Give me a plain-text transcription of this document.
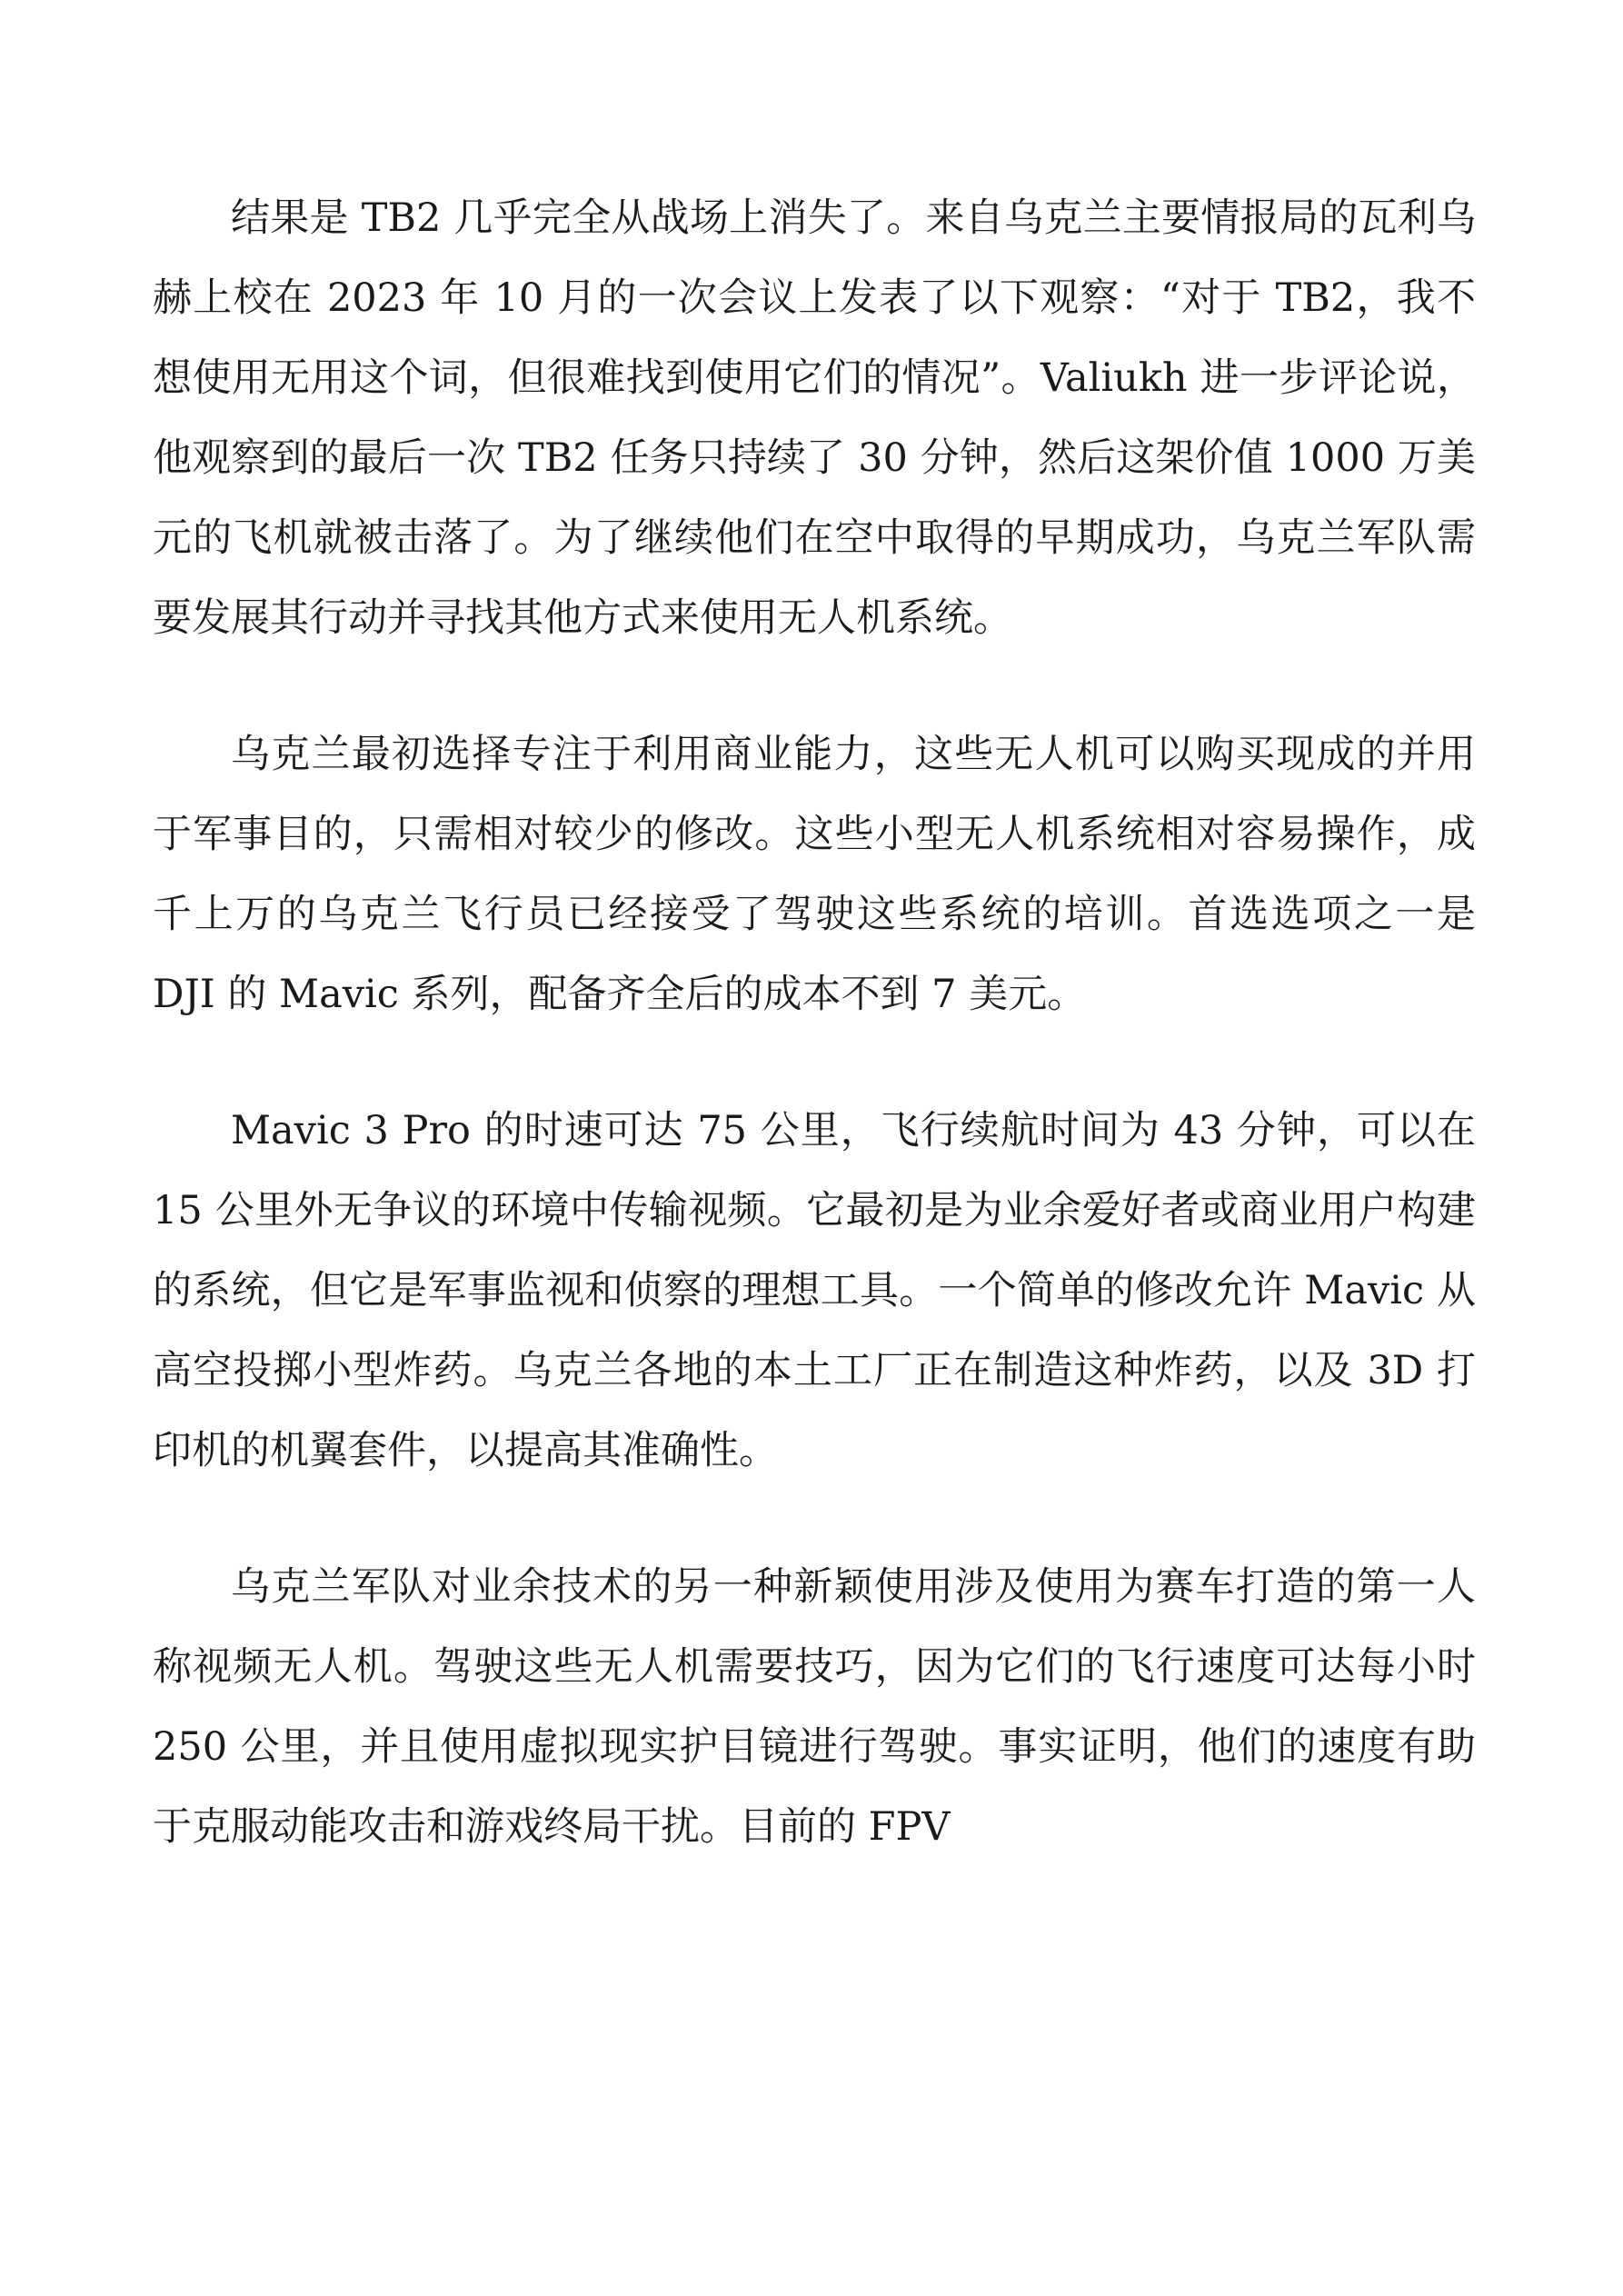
结果是 TB2 几乎完全从战场上消失了。来自乌克兰主要情报局的瓦利乌赫上校在 2023 年 10 月的一次会议上发表了以下观察：“对于 TB2，我不想使用无用这个词，但很难找到使用它们的情况”。Valiukh 进一步评论说，他观察到的最后一次 TB2 任务只持续了 30 分钟，然后这架价值 1000 万美元的飞机就被击落了。为了继续他们在空中取得的早期成功，乌克兰军队需要发展其行动并寻找其他方式来使用无人机系统。

乌克兰最初选择专注于利用商业能力，这些无人机可以购买现成的并用于军事目的，只需相对较少的修改。这些小型无人机系统相对容易操作，成千上万的乌克兰飞行员已经接受了驾驶这些系统的培训。首选选项之一是 DJI 的 Mavic 系列，配备齐全后的成本不到 7 美元。

Mavic 3 Pro 的时速可达 75 公里，飞行续航时间为 43 分钟，可以在 15 公里外无争议的环境中传输视频。它最初是为业余爱好者或商业用户构建的系统，但它是军事监视和侦察的理想工具。一个简单的修改允许 Mavic 从高空投掷小型炸药。乌克兰各地的本土工厂正在制造这种炸药，以及 3D 打印机的机翼套件，以提高其准确性。

乌克兰军队对业余技术的另一种新颖使用涉及使用为赛车打造的第一人称视频无人机。驾驶这些无人机需要技巧，因为它们的飞行速度可达每小时 250 公里，并且使用虚拟现实护目镜进行驾驶。事实证明，他们的速度有助于克服动能攻击和游戏终局干扰。目前的 FPV
